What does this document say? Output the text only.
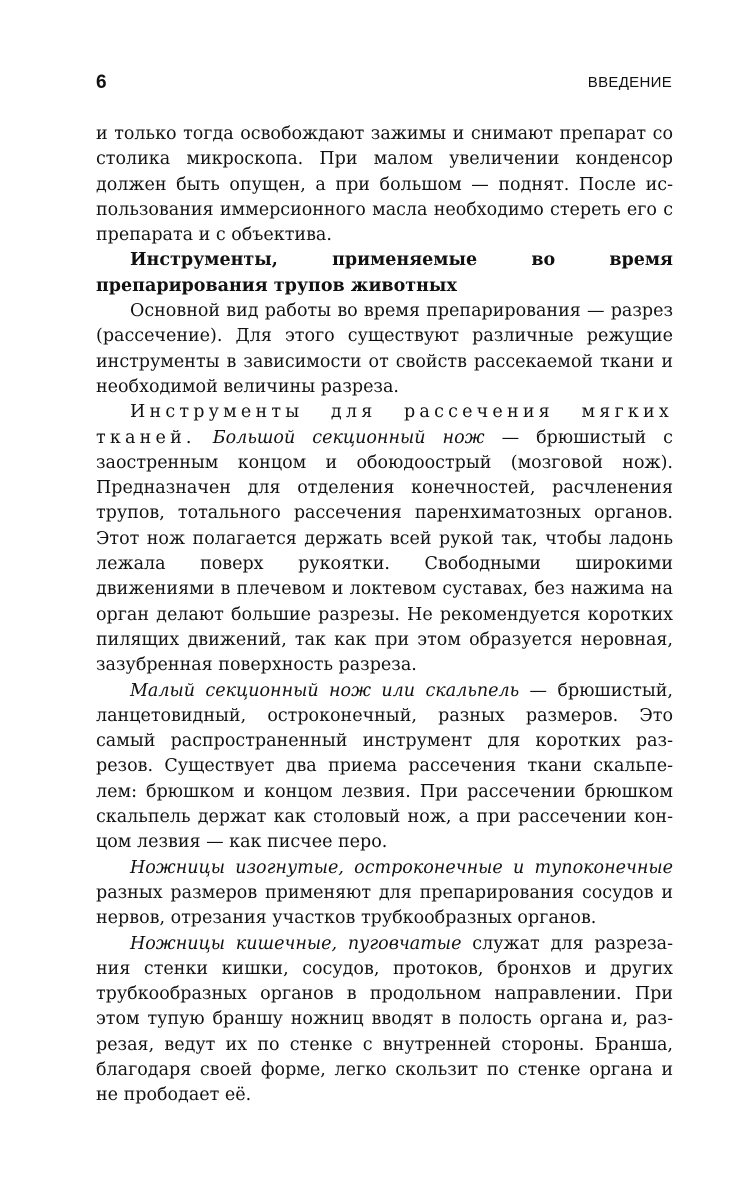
6	ВВЕДЕНИЕ

и только тогда освобождают зажимы и снимают препарат со столика микроскопа. При малом увеличении конденсор должен быть опущен, а при большом — поднят. После использования иммерсионного масла необходимо стереть его с препарата и с объектива.

Инструменты, применяемые во время препарирования трупов животных

Основной вид работы во время препарирования — разрез (рассечение). Для этого существуют различные режущие инструменты в зависимости от свойств рассекаемой ткани и необходимой величины разреза.

Инструменты для рассечения мягких тканей. Большой секционный нож — брюшистый с заостренным концом и обоюдоострый (мозговой нож). Предназначен для отделения конечностей, расчленения трупов, тотального рассечения паренхиматозных органов. Этот нож полагается держать всей рукой так, чтобы ладонь лежала поверх рукоятки. Свободными широкими движениями в плечевом и локтевом суставах, без нажима на орган делают большие разрезы. Не рекомендуется коротких пилящих движений, так как при этом образуется неровная, зазубренная поверхность разреза.

Малый секционный нож или скальпель — брюшистый, ланцетовидный, остроконечный, разных размеров. Это самый распространенный инструмент для коротких разрезов. Существует два приема рассечения ткани скальпелем: брюшком и концом лезвия. При рассечении брюшком скальпель держат как столовый нож, а при рассечении концом лезвия — как писчее перо.

Ножницы изогнутые, остроконечные и тупоконечные разных размеров применяют для препарирования сосудов и нервов, отрезания участков трубкообразных органов.

Ножницы кишечные, пуговчатые служат для разрезания стенки кишки, сосудов, протоков, бронхов и других трубкообразных органов в продольном направлении. При этом тупую браншу ножниц вводят в полость органа и, разрезая, ведут их по стенке с внутренней стороны. Бранша, благодаря своей форме, легко скользит по стенке органа и не прободает её.
